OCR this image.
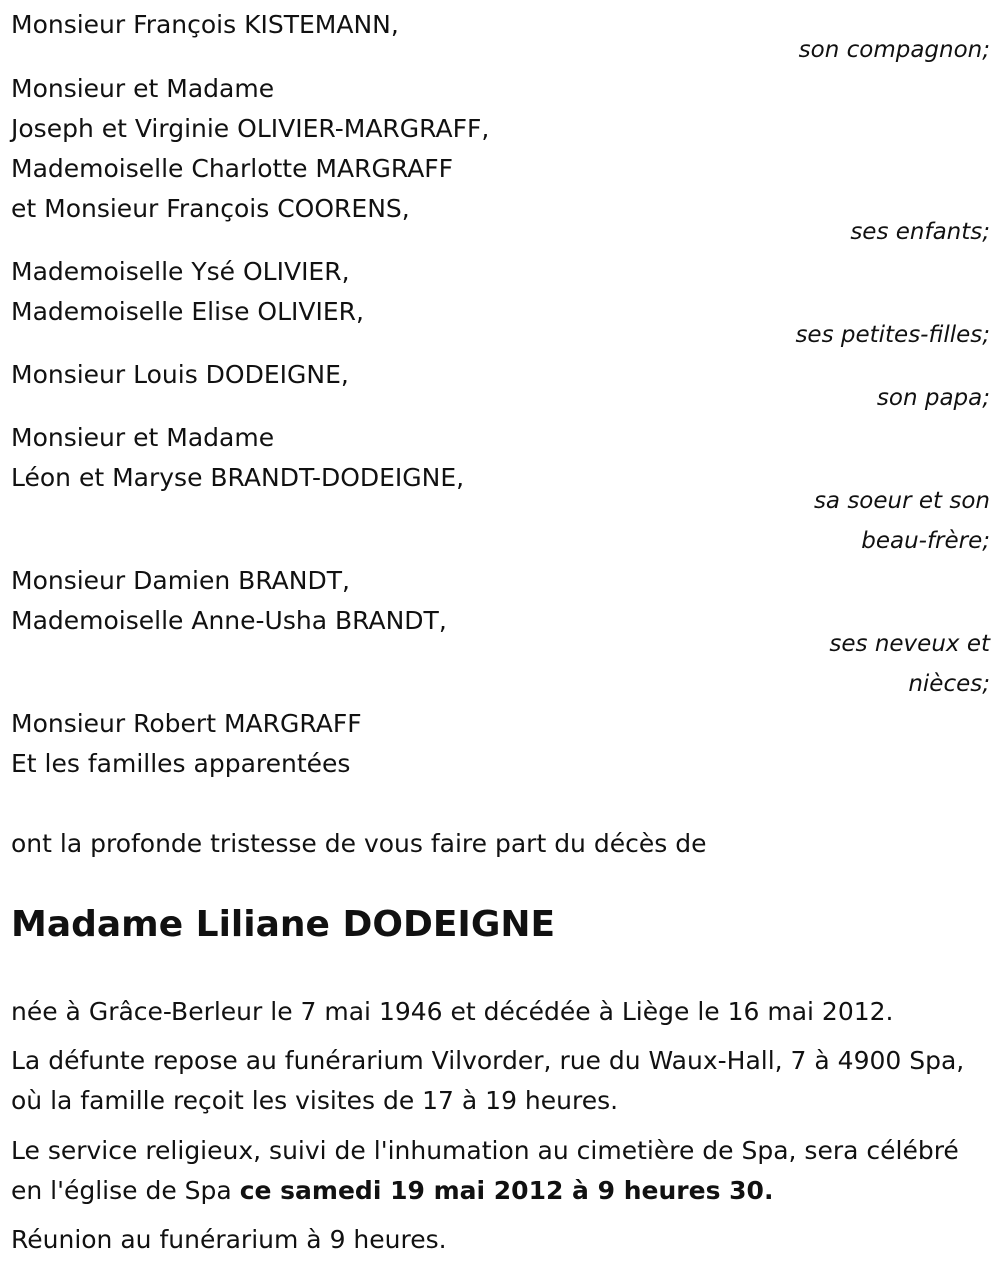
Monsieur François KISTEMANN,
son compagnon;
Monsieur et Madame
Joseph et Virginie OLIVIER-MARGRAFF,
Mademoiselle Charlotte MARGRAFF
et Monsieur François COORENS,
ses enfants;
Mademoiselle Ysé OLIVIER,
Mademoiselle Elise OLIVIER,
ses petites-filles;
Monsieur Louis DODEIGNE,
son papa;
Monsieur et Madame
Léon et Maryse BRANDT-DODEIGNE,
sa soeur et son
beau-frère;
Monsieur Damien BRANDT,
Mademoiselle Anne-Usha BRANDT,
ses neveux et
nièces;
Monsieur Robert MARGRAFF
Et les familles apparentées
ont la profonde tristesse de vous faire part du décès de
Madame Liliane DODEIGNE
née à Grâce-Berleur le 7 mai 1946 et décédée à Liège le 16 mai 2012.
La défunte repose au funérarium Vilvorder, rue du Waux-Hall, 7 à 4900 Spa, où la famille reçoit les visites de 17 à 19 heures.
Le service religieux, suivi de l'inhumation au cimetière de Spa, sera célébré en l'église de Spa ce samedi 19 mai 2012 à 9 heures 30.
Réunion au funérarium à 9 heures.
